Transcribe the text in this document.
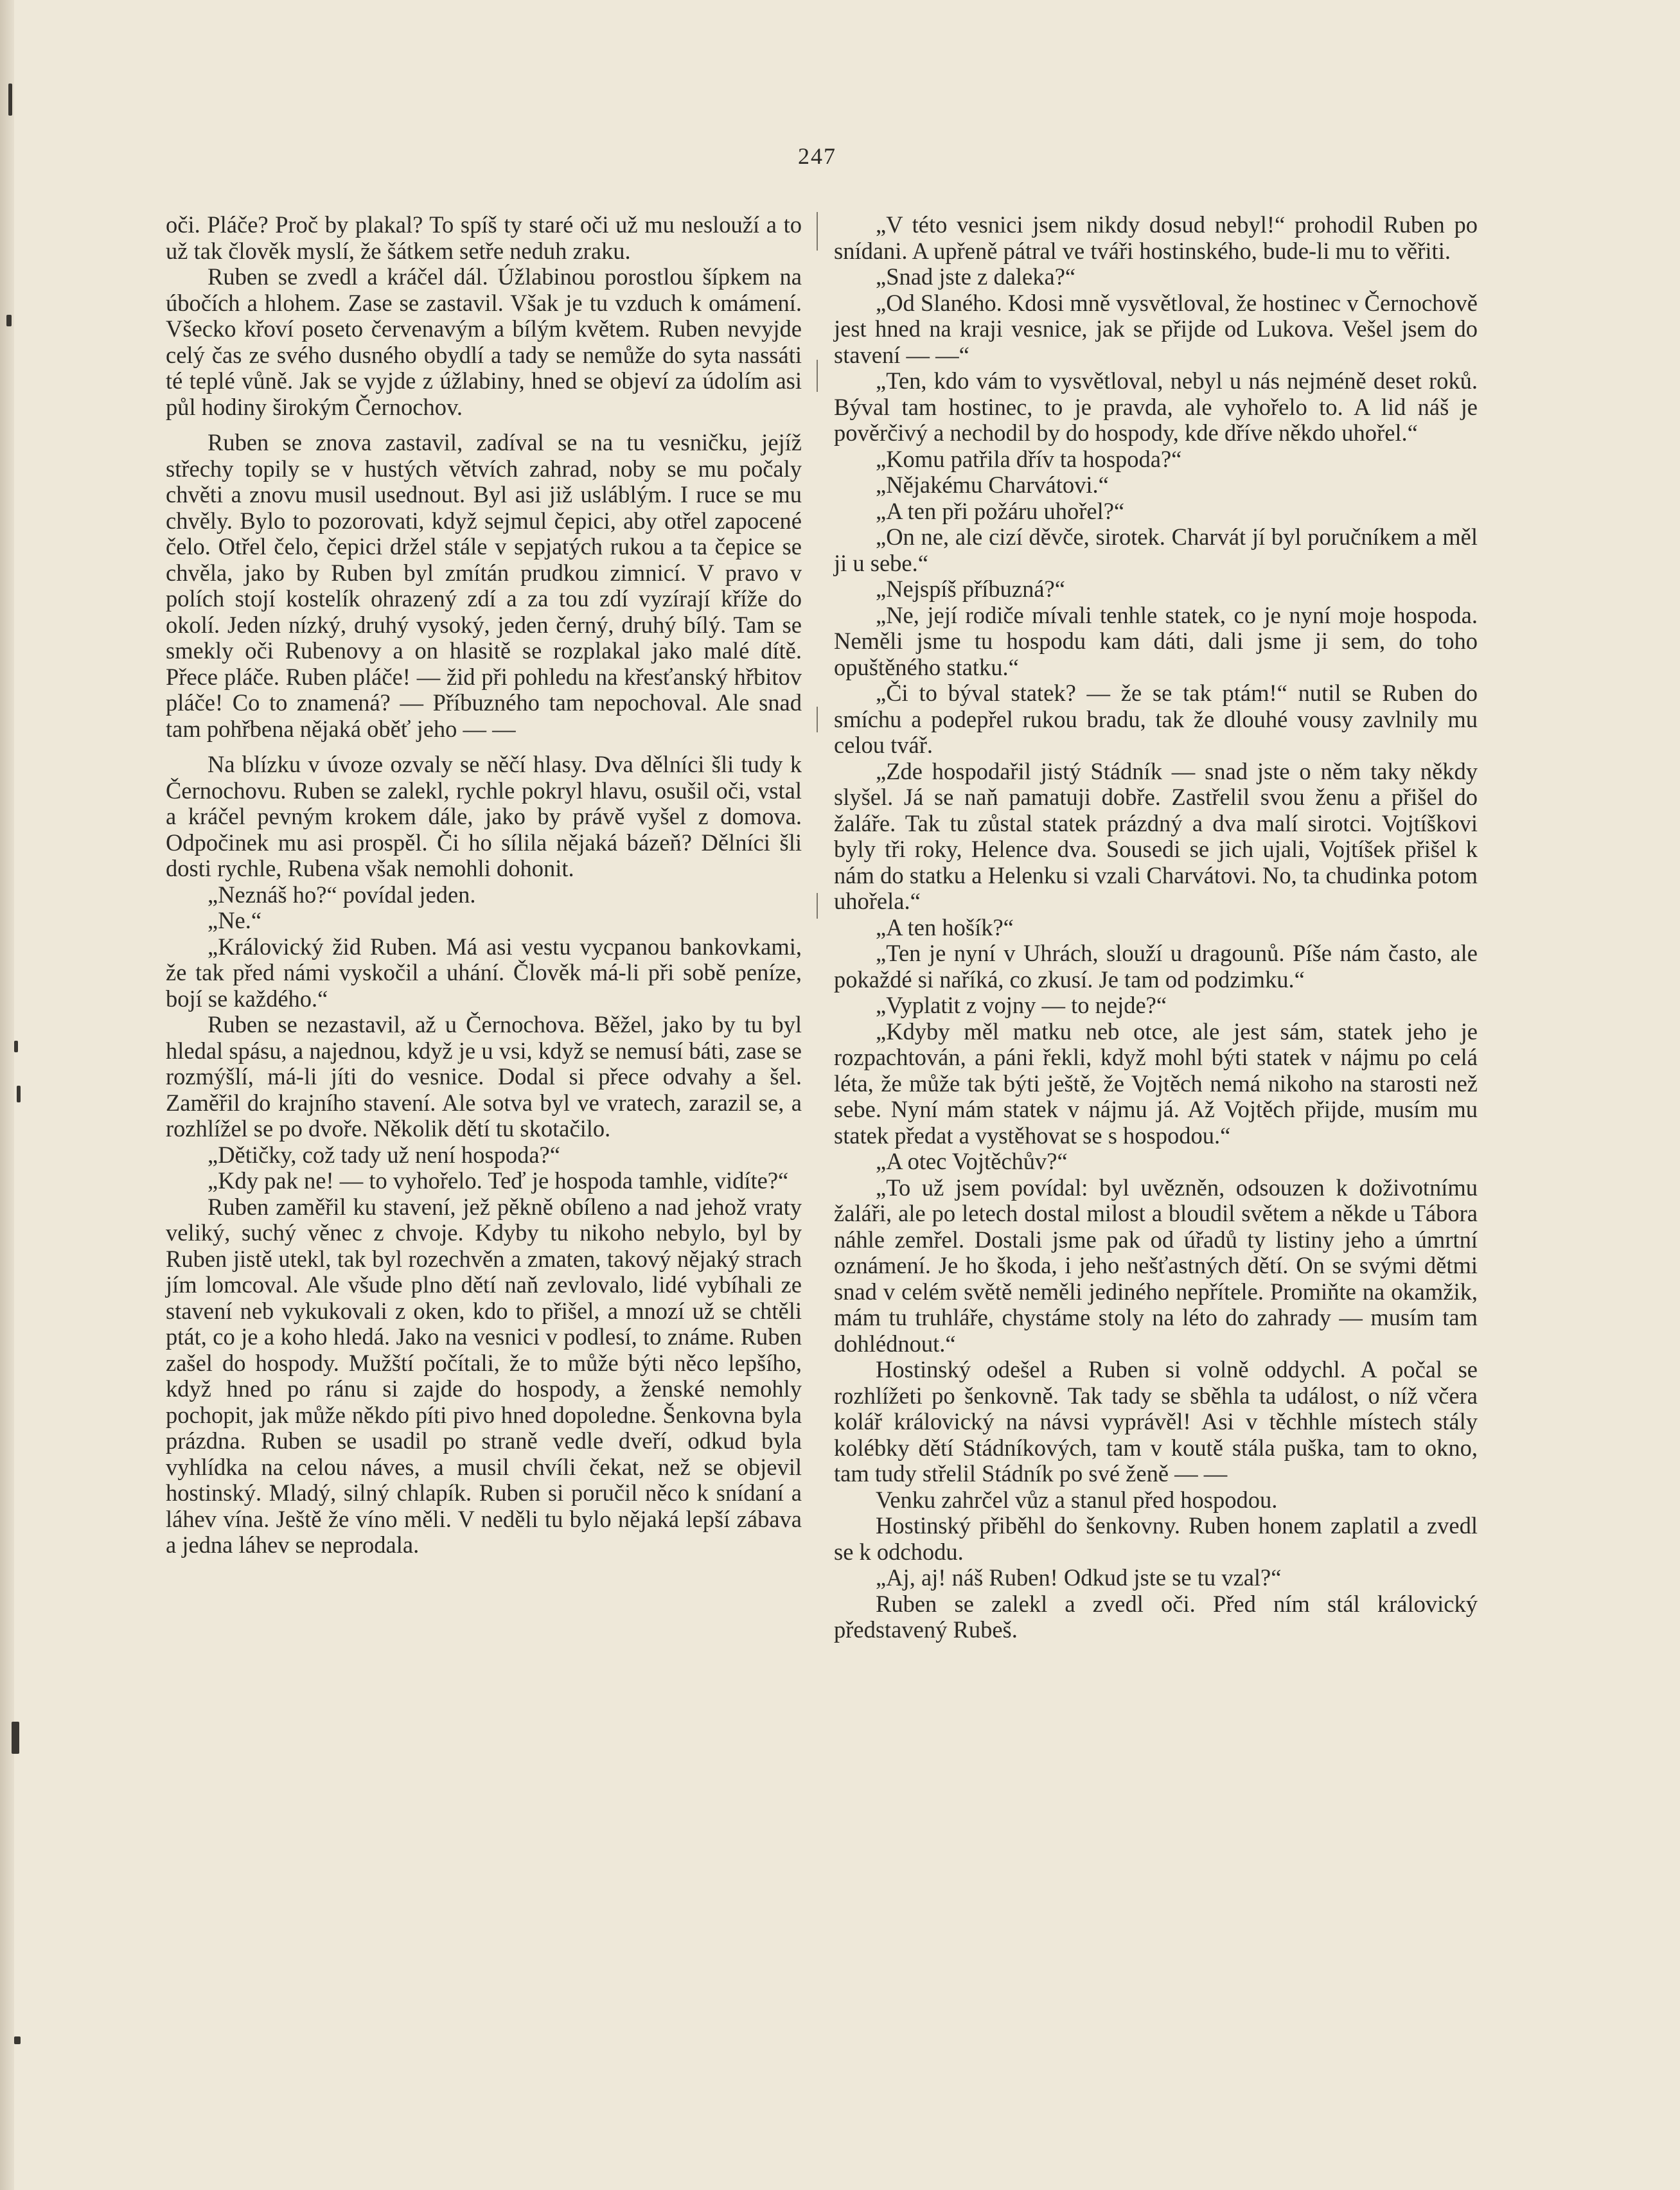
247

oči. Pláče? Proč by plakal? To spíš ty staré oči už mu neslouží a to už tak člověk myslí, že šátkem setře neduh zraku.

Ruben se zvedl a kráčel dál. Úžlabinou porostlou šípkem na úbočích a hlohem. Zase se zastavil. Však je tu vzduch k omámení. Všecko křoví poseto červenavým a bílým květem. Ruben nevyjde celý čas ze svého dusného obydlí a tady se nemůže do syta nassáti té teplé vůně. Jak se vyjde z úžlabiny, hned se objeví za údolím asi půl hodiny širokým Černochov.

Ruben se znova zastavil, zadíval se na tu vesničku, jejíž střechy topily se v hustých větvích zahrad, noby se mu počaly chvěti a znovu musil usednout. Byl asi již usláblým. I ruce se mu chvěly. Bylo to pozorovati, když sejmul čepici, aby otřel zapocené čelo. Otřel čelo, čepici držel stále v sepjatých rukou a ta čepice se chvěla, jako by Ruben byl zmítán prudkou zimnicí. V pravo v polích stojí kostelík ohrazený zdí a za tou zdí vyzírají kříže do okolí. Jeden nízký, druhý vysoký, jeden černý, druhý bílý. Tam se smekly oči Rubenovy a on hlasitě se rozplakal jako malé dítě. Přece pláče. Ruben pláče! — žid při pohledu na křesťanský hřbitov pláče! Co to znamená? — Příbuzného tam nepochoval. Ale snad tam pohřbena nějaká oběť jeho — —

Na blízku v úvoze ozvaly se něčí hlasy. Dva dělníci šli tudy k Černochovu. Ruben se zalekl, rychle pokryl hlavu, osušil oči, vstal a kráčel pevným krokem dále, jako by právě vyšel z domova. Odpočinek mu asi prospěl. Či ho sílila nějaká bázeň? Dělníci šli dosti rychle, Rubena však nemohli dohonit.

„Neznáš ho?“ povídal jeden.

„Ne.“

„Královický žid Ruben. Má asi vestu vycpanou bankovkami, že tak před námi vyskočil a uhání. Člověk má-li při sobě peníze, bojí se každého.“

Ruben se nezastavil, až u Černochova. Běžel, jako by tu byl hledal spásu, a najednou, když je u vsi, když se nemusí báti, zase se rozmýšlí, má-li jíti do vesnice. Dodal si přece odvahy a šel. Zaměřil do krajního stavení. Ale sotva byl ve vratech, zarazil se, a rozhlížel se po dvoře. Několik dětí tu skotačilo.

„Dětičky, což tady už není hospoda?“

„Kdy pak ne! — to vyhořelo. Teď je hospoda tamhle, vidíte?“

Ruben zaměřil ku stavení, jež pěkně obíleno a nad jehož vraty veliký, suchý věnec z chvoje. Kdyby tu nikoho nebylo, byl by Ruben jistě utekl, tak byl rozechvěn a zmaten, takový nějaký strach jím lomcoval. Ale všude plno dětí naň zevlovalo, lidé vybíhali ze stavení neb vykukovali z oken, kdo to přišel, a mnozí už se chtěli ptát, co je a koho hledá. Jako na vesnici v podlesí, to známe. Ruben zašel do hospody. Mužští počítali, že to může býti něco lepšího, když hned po ránu si zajde do hospody, a ženské nemohly pochopit, jak může někdo píti pivo hned dopoledne. Šenkovna byla prázdna. Ruben se usadil po straně vedle dveří, odkud byla vyhlídka na celou náves, a musil chvíli čekat, než se objevil hostinský. Mladý, silný chlapík. Ruben si poručil něco k snídaní a láhev vína. Ještě že víno měli. V neděli tu bylo nějaká lepší zábava a jedna láhev se neprodala.

„V této vesnici jsem nikdy dosud nebyl!“ prohodil Ruben po snídani. A upřeně pátral ve tváři hostinského, bude-li mu to věřiti.

„Snad jste z daleka?“

„Od Slaného. Kdosi mně vysvětloval, že hostinec v Černochově jest hned na kraji vesnice, jak se přijde od Lukova. Vešel jsem do stavení — —“

„Ten, kdo vám to vysvětloval, nebyl u nás nejméně deset roků. Býval tam hostinec, to je pravda, ale vyhořelo to. A lid náš je pověrčivý a nechodil by do hospody, kde dříve někdo uhořel.“

„Komu patřila dřív ta hospoda?“

„Nějakému Charvátovi.“

„A ten při požáru uhořel?“

„On ne, ale cizí děvče, sirotek. Charvát jí byl poručníkem a měl ji u sebe.“

„Nejspíš příbuzná?“

„Ne, její rodiče mívali tenhle statek, co je nyní moje hospoda. Neměli jsme tu hospodu kam dáti, dali jsme ji sem, do toho opuštěného statku.“

„Či to býval statek? — že se tak ptám!“ nutil se Ruben do smíchu a podepřel rukou bradu, tak že dlouhé vousy zavlnily mu celou tvář.

„Zde hospodařil jistý Stádník — snad jste o něm taky někdy slyšel. Já se naň pamatuji dobře. Zastřelil svou ženu a přišel do žaláře. Tak tu zůstal statek prázdný a dva malí sirotci. Vojtíškovi byly tři roky, Helence dva. Sousedi se jich ujali, Vojtíšek přišel k nám do statku a Helenku si vzali Charvátovi. No, ta chudinka potom uhořela.“

„A ten hošík?“

„Ten je nyní v Uhrách, slouží u dragounů. Píše nám často, ale pokaždé si naříká, co zkusí. Je tam od podzimku.“

„Vyplatit z vojny — to nejde?“

„Kdyby měl matku neb otce, ale jest sám, statek jeho je rozpachtován, a páni řekli, když mohl býti statek v nájmu po celá léta, že může tak býti ještě, že Vojtěch nemá nikoho na starosti než sebe. Nyní mám statek v nájmu já. Až Vojtěch přijde, musím mu statek předat a vystěhovat se s hospodou.“

„A otec Vojtěchův?“

„To už jsem povídal: byl uvězněn, odsouzen k doživotnímu žaláři, ale po letech dostal milost a bloudil světem a někde u Tábora náhle zemřel. Dostali jsme pak od úřadů ty listiny jeho a úmrtní oznámení. Je ho škoda, i jeho nešťastných dětí. On se svými dětmi snad v celém světě neměli jediného nepřítele. Promiňte na okamžik, mám tu truhláře, chystáme stoly na léto do zahrady — musím tam dohlédnout.“

Hostinský odešel a Ruben si volně oddychl. A počal se rozhlížeti po šenkovně. Tak tady se sběhla ta událost, o níž včera kolář královický na návsi vyprávěl! Asi v těchhle místech stály kolébky dětí Stádníkových, tam v koutě stála puška, tam to okno, tam tudy střelil Stádník po své ženě — —

Venku zahrčel vůz a stanul před hospodou.

Hostinský přiběhl do šenkovny. Ruben honem zaplatil a zvedl se k odchodu.

„Aj, aj! náš Ruben! Odkud jste se tu vzal?“

Ruben se zalekl a zvedl oči. Před ním stál královický představený Rubeš.
